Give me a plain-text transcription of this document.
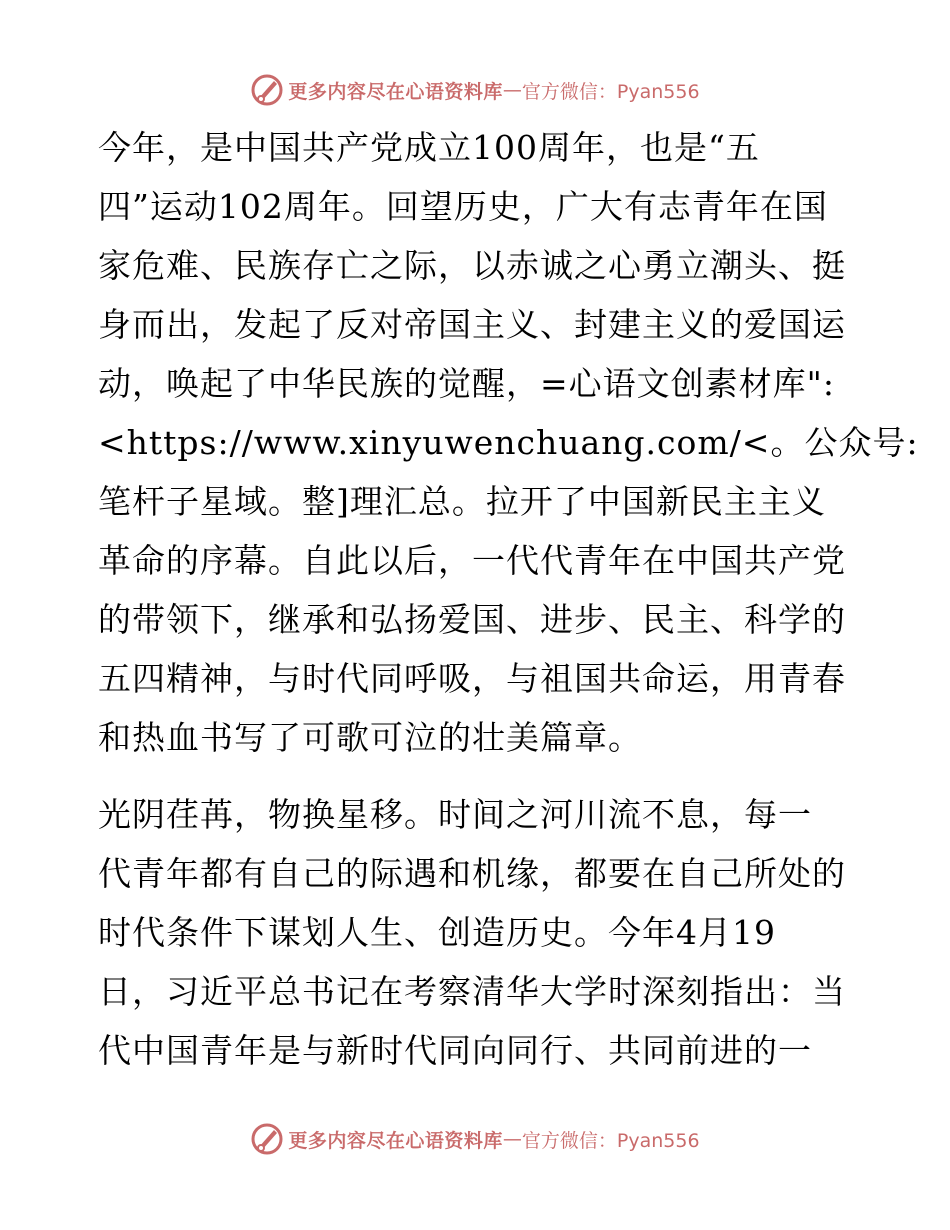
更多内容尽在心语资料库 — 官方微信：Pyan556

今年，是中国共产党成立100周年，也是“五
四”运动102周年。回望历史，广大有志青年在国
家危难、民族存亡之际，以赤诚之心勇立潮头、挺
身而出，发起了反对帝国主义、封建主义的爱国运
动，唤起了中华民族的觉醒，=心语文创素材库":
<https://www.xinyuwenchuang.com/<。公众号:
笔杆子星域。整]理汇总。拉开了中国新民主主义
革命的序幕。自此以后，一代代青年在中国共产党
的带领下，继承和弘扬爱国、进步、民主、科学的
五四精神，与时代同呼吸，与祖国共命运，用青春
和热血书写了可歌可泣的壮美篇章。

光阴荏苒，物换星移。时间之河川流不息，每一
代青年都有自己的际遇和机缘，都要在自己所处的
时代条件下谋划人生、创造历史。今年4月19
日，习近平总书记在考察清华大学时深刻指出：当
代中国青年是与新时代同向同行、共同前进的一

更多内容尽在心语资料库 — 官方微信：Pyan556
